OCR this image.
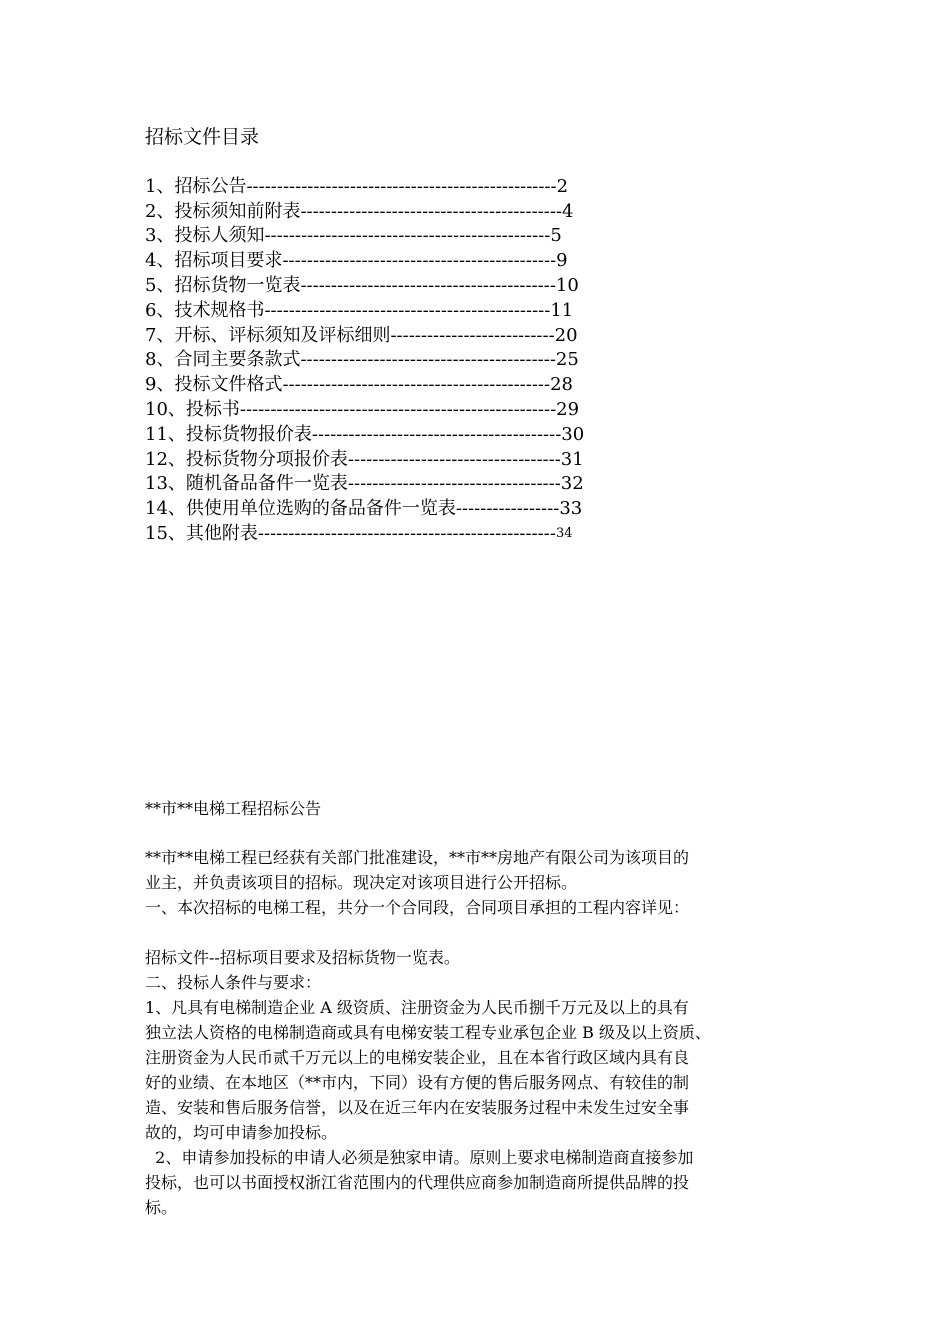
招标文件目录
1、 招标公告 --------------------------------------------------- 2
2、 投标须知前附表 ------------------------------------------- 4
3、 投标人须知 ----------------------------------------------- 5
4、 招标项目要求 --------------------------------------------- 9
5、 招标货物一览表 ------------------------------------------ 10
6、 技术规格书 ----------------------------------------------- 11
7、 开标、评标须知及评标细则 --------------------------- 20
8、 合同主要条款式 ------------------------------------------ 25
9、 投标文件格式 -------------------------------------------- 28
10、 投标书 ---------------------------------------------------- 29
11、 投标货物报价表 ----------------------------------------- 30
12、 投标货物分项报价表 ----------------------------------- 31
13、 随机备品备件一览表 ----------------------------------- 32
14、 供使用单位选购的备品备件一览表 ----------------- 33
15、 其他附表 ------------------------------------------------- 34
**市**电梯工程招标公告
**市**电梯工程已经获有关部门批准建设，**市**房地产有限公司为该项目的
业主，并负责该项目的招标。现决定对该项目进行公开招标。
一、本次招标的电梯工程，共分一个合同段，合同项目承担的工程内容详见：
招标文件--招标项目要求及招标货物一览表。
二、投标人条件与要求：
1、凡具有电梯制造企业 A 级资质、注册资金为人民币捌千万元及以上的具有
独立法人资格的电梯制造商或具有电梯安装工程专业承包企业 B 级及以上资质、
注册资金为人民币贰千万元以上的电梯安装企业，且在本省行政区域内具有良
好的业绩、在本地区（**市内，下同）设有方便的售后服务网点、有较佳的制
造、安装和售后服务信誉，以及在近三年内在安装服务过程中未发生过安全事
故的，均可申请参加投标。
2、申请参加投标的申请人必须是独家申请。原则上要求电梯制造商直接参加
投标，也可以书面授权浙江省范围内的代理供应商参加制造商所提供品牌的投
标。
